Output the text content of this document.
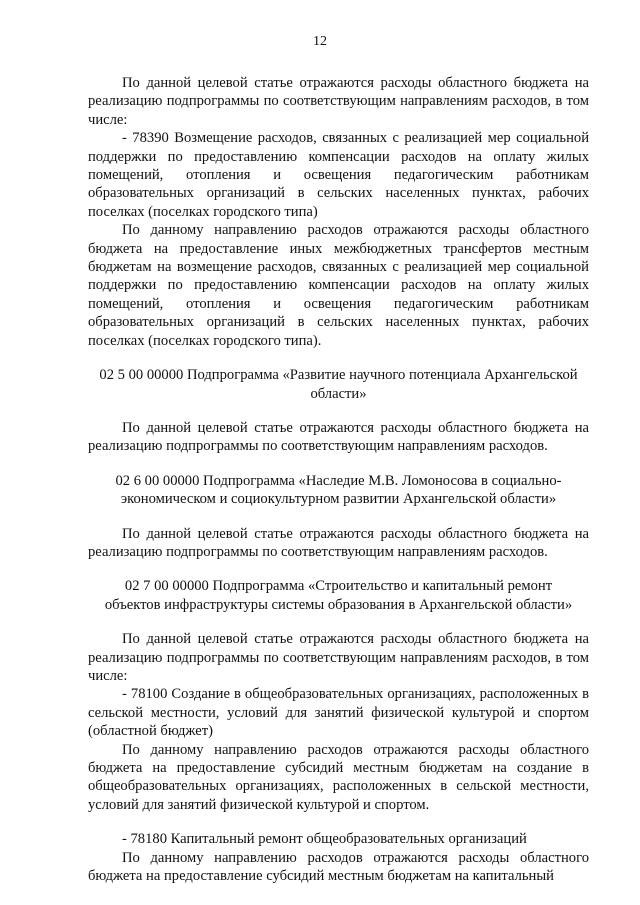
12

По данной целевой статье отражаются расходы областного бюджета на реализацию подпрограммы по соответствующим направлениям расходов, в том числе:

- 78390 Возмещение расходов, связанных с реализацией мер социальной поддержки по предоставлению компенсации расходов на оплату жилых помещений, отопления и освещения педагогическим работникам образовательных организаций в сельских населенных пунктах, рабочих поселках (поселках городского типа)

По данному направлению расходов отражаются расходы областного бюджета на предоставление иных межбюджетных трансфертов местным бюджетам на возмещение расходов, связанных с реализацией мер социальной поддержки по предоставлению компенсации расходов на оплату жилых помещений, отопления и освещения педагогическим работникам образовательных организаций в сельских населенных пунктах, рабочих поселках (поселках городского типа).

02 5 00 00000 Подпрограмма «Развитие научного потенциала Архангельской области»

По данной целевой статье отражаются расходы областного бюджета на реализацию подпрограммы по соответствующим направлениям расходов.

02 6 00 00000 Подпрограмма «Наследие М.В. Ломоносова в социально-экономическом и социокультурном развитии Архангельской области»

По данной целевой статье отражаются расходы областного бюджета на реализацию подпрограммы по соответствующим направлениям расходов.

02 7 00 00000 Подпрограмма «Строительство и капитальный ремонт объектов инфраструктуры системы образования в Архангельской области»

По данной целевой статье отражаются расходы областного бюджета на реализацию подпрограммы по соответствующим направлениям расходов, в том числе:

- 78100 Создание в общеобразовательных организациях, расположенных в сельской местности, условий для занятий физической культурой и спортом (областной бюджет)

По данному направлению расходов отражаются расходы областного бюджета на предоставление субсидий местным бюджетам на создание в общеобразовательных организациях, расположенных в сельской местности, условий для занятий физической культурой и спортом.

- 78180 Капитальный ремонт общеобразовательных организаций

По данному направлению расходов отражаются расходы областного бюджета на предоставление субсидий местным бюджетам на капитальный
